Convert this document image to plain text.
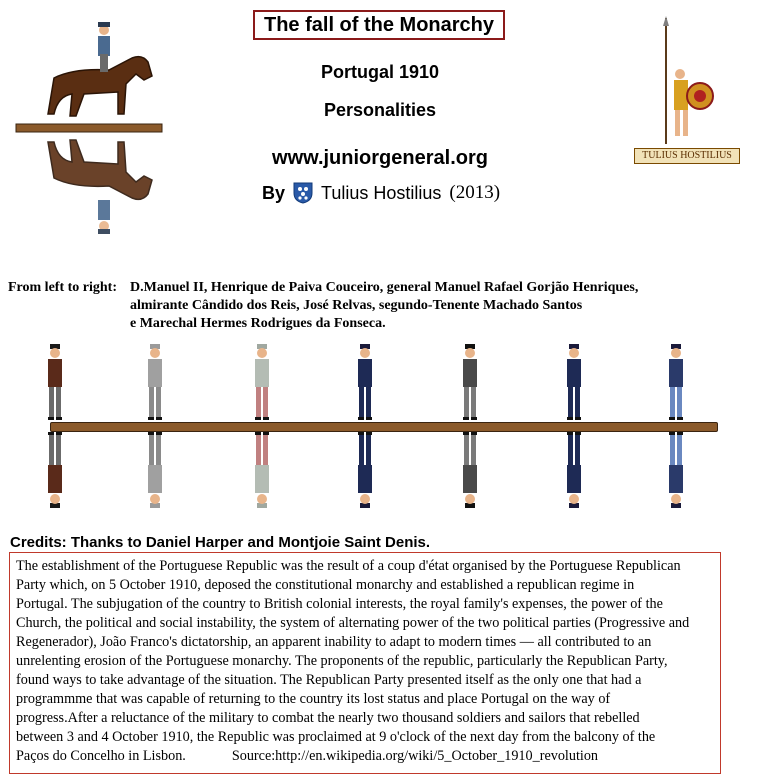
The fall of the Monarchy
Portugal 1910
Personalities
www.juniorgeneral.org
By Tulius Hostilius (2013)
TULIUS HOSTILIUS
From left to right: D.Manuel II, Henrique de Paiva Couceiro, general Manuel Rafael Gorjão Henriques,
almirante Cândido dos Reis, José Relvas, segundo-Tenente Machado Santos
e Marechal Hermes Rodrigues da Fonseca.
Credits: Thanks to Daniel Harper and Montjoie Saint Denis.
The establishment of the Portuguese Republic was the result of a coup d'état organised by the Portuguese Republican
Party which, on 5 October 1910, deposed the constitutional monarchy and established a republican regime in
Portugal. The subjugation of the country to British colonial interests, the royal family's expenses, the power of the
Church, the political and social instability, the system of alternating power of the two political parties (Progressive and
Regenerador), João Franco's dictatorship, an apparent inability to adapt to modern times — all contributed to an
unrelenting erosion of the Portuguese monarchy. The proponents of the republic, particularly the Republican Party,
found ways to take advantage of the situation. The Republican Party presented itself as the only one that had a
programmme that was capable of returning to the country its lost status and place Portugal on the way of
progress.After a reluctance of the military to combat the nearly two thousand soldiers and sailors that rebelled
between 3 and 4 October 1910, the Republic was proclaimed at 9 o'clock of the next day from the balcony of the
Paços do Concelho in Lisbon.	Source:http://en.wikipedia.org/wiki/5_October_1910_revolution
